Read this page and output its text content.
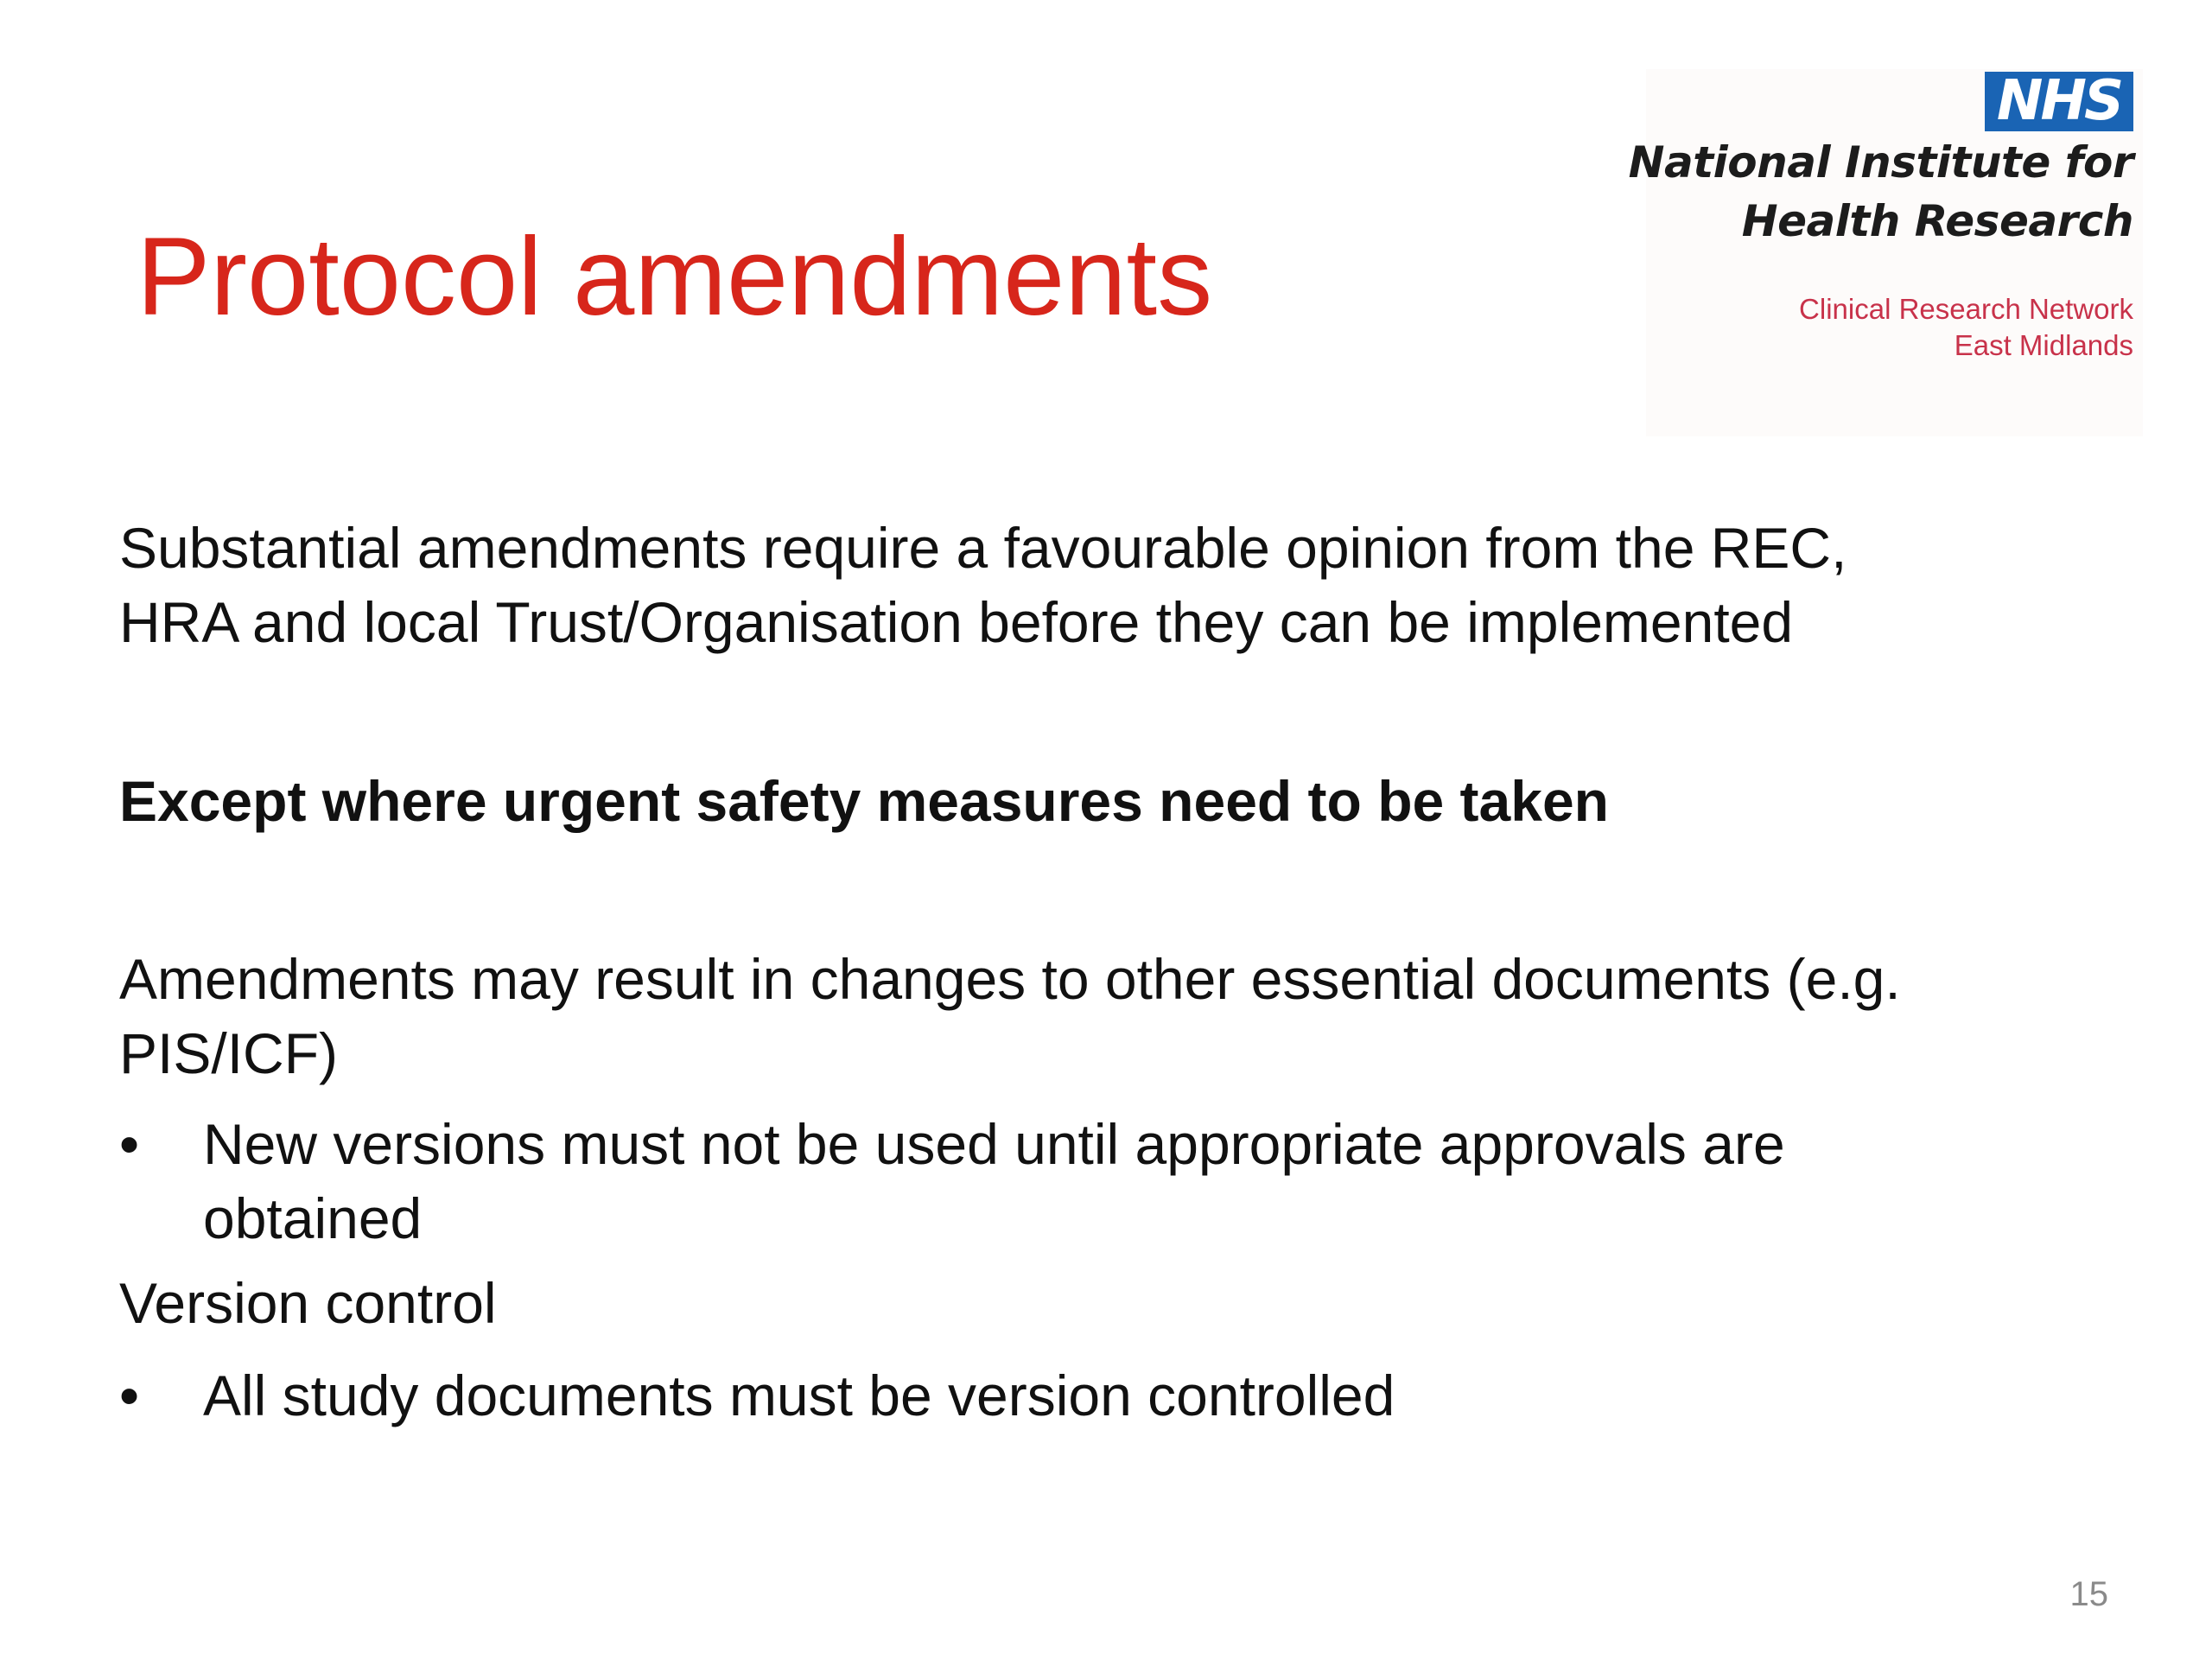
Protocol amendments
NHS

National Institute for

Health Research

Clinical Research Network

East Midlands

Substantial amendments require a favourable opinion from the REC,
HRA and local Trust/Organisation before they can be implemented

Except where urgent safety measures need to be taken

Amendments may result in changes to other essential documents (e.g.
PIS/ICF)

•	New versions must not be used until appropriate approvals are
obtained

Version control

•	All study documents must be version controlled

15
